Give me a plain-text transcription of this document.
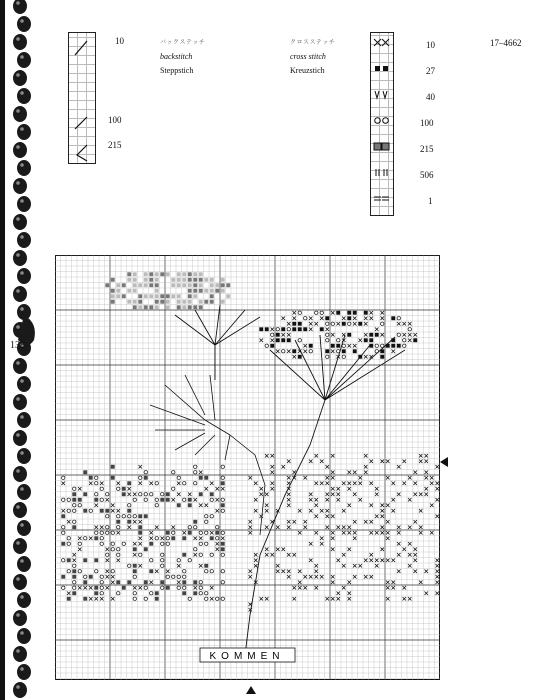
138
17–4662
10
100
215
バックステッチ
backstitch
Steppstich
クロスステッチ
cross stitch
Kreuzstich
10
27
40
100
215
506
1
KOMMEN
